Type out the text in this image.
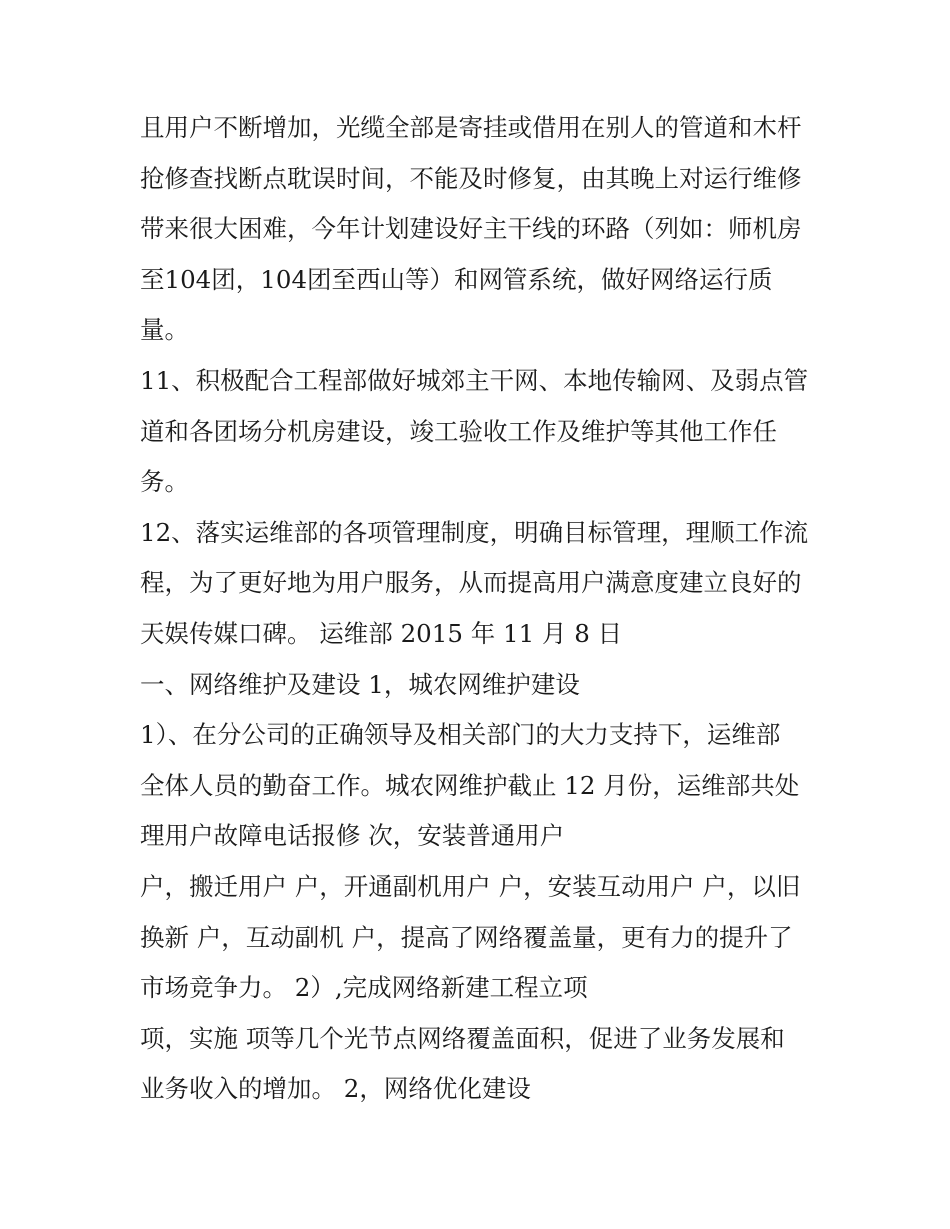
且用户不断增加，光缆全部是寄挂或借用在别人的管道和木杆
抢修查找断点耽误时间，不能及时修复，由其晚上对运行维修
带来很大困难，今年计划建设好主干线的环路（列如：师机房
至104团，104团至西山等）和网管系统，做好网络运行质
量。
11、积极配合工程部做好城郊主干网、本地传输网、及弱点管
道和各团场分机房建设，竣工验收工作及维护等其他工作任
务。
12、落实运维部的各项管理制度，明确目标管理，理顺工作流
程，为了更好地为用户服务，从而提高用户满意度建立良好的
天娱传媒口碑。 运维部 2015 年 11 月 8 日
一、网络维护及建设 1，城农网维护建设
1）、在分公司的正确领导及相关部门的大力支持下，运维部
全体人员的勤奋工作。城农网维护截止 12 月份，运维部共处
理用户故障电话报修 次，安装普通用户
户，搬迁用户 户，开通副机用户 户，安装互动用户 户，以旧
换新 户，互动副机 户，提高了网络覆盖量，更有力的提升了
市场竞争力。 2）,完成网络新建工程立项
项，实施 项等几个光节点网络覆盖面积，促进了业务发展和
业务收入的增加。 2，网络优化建设
